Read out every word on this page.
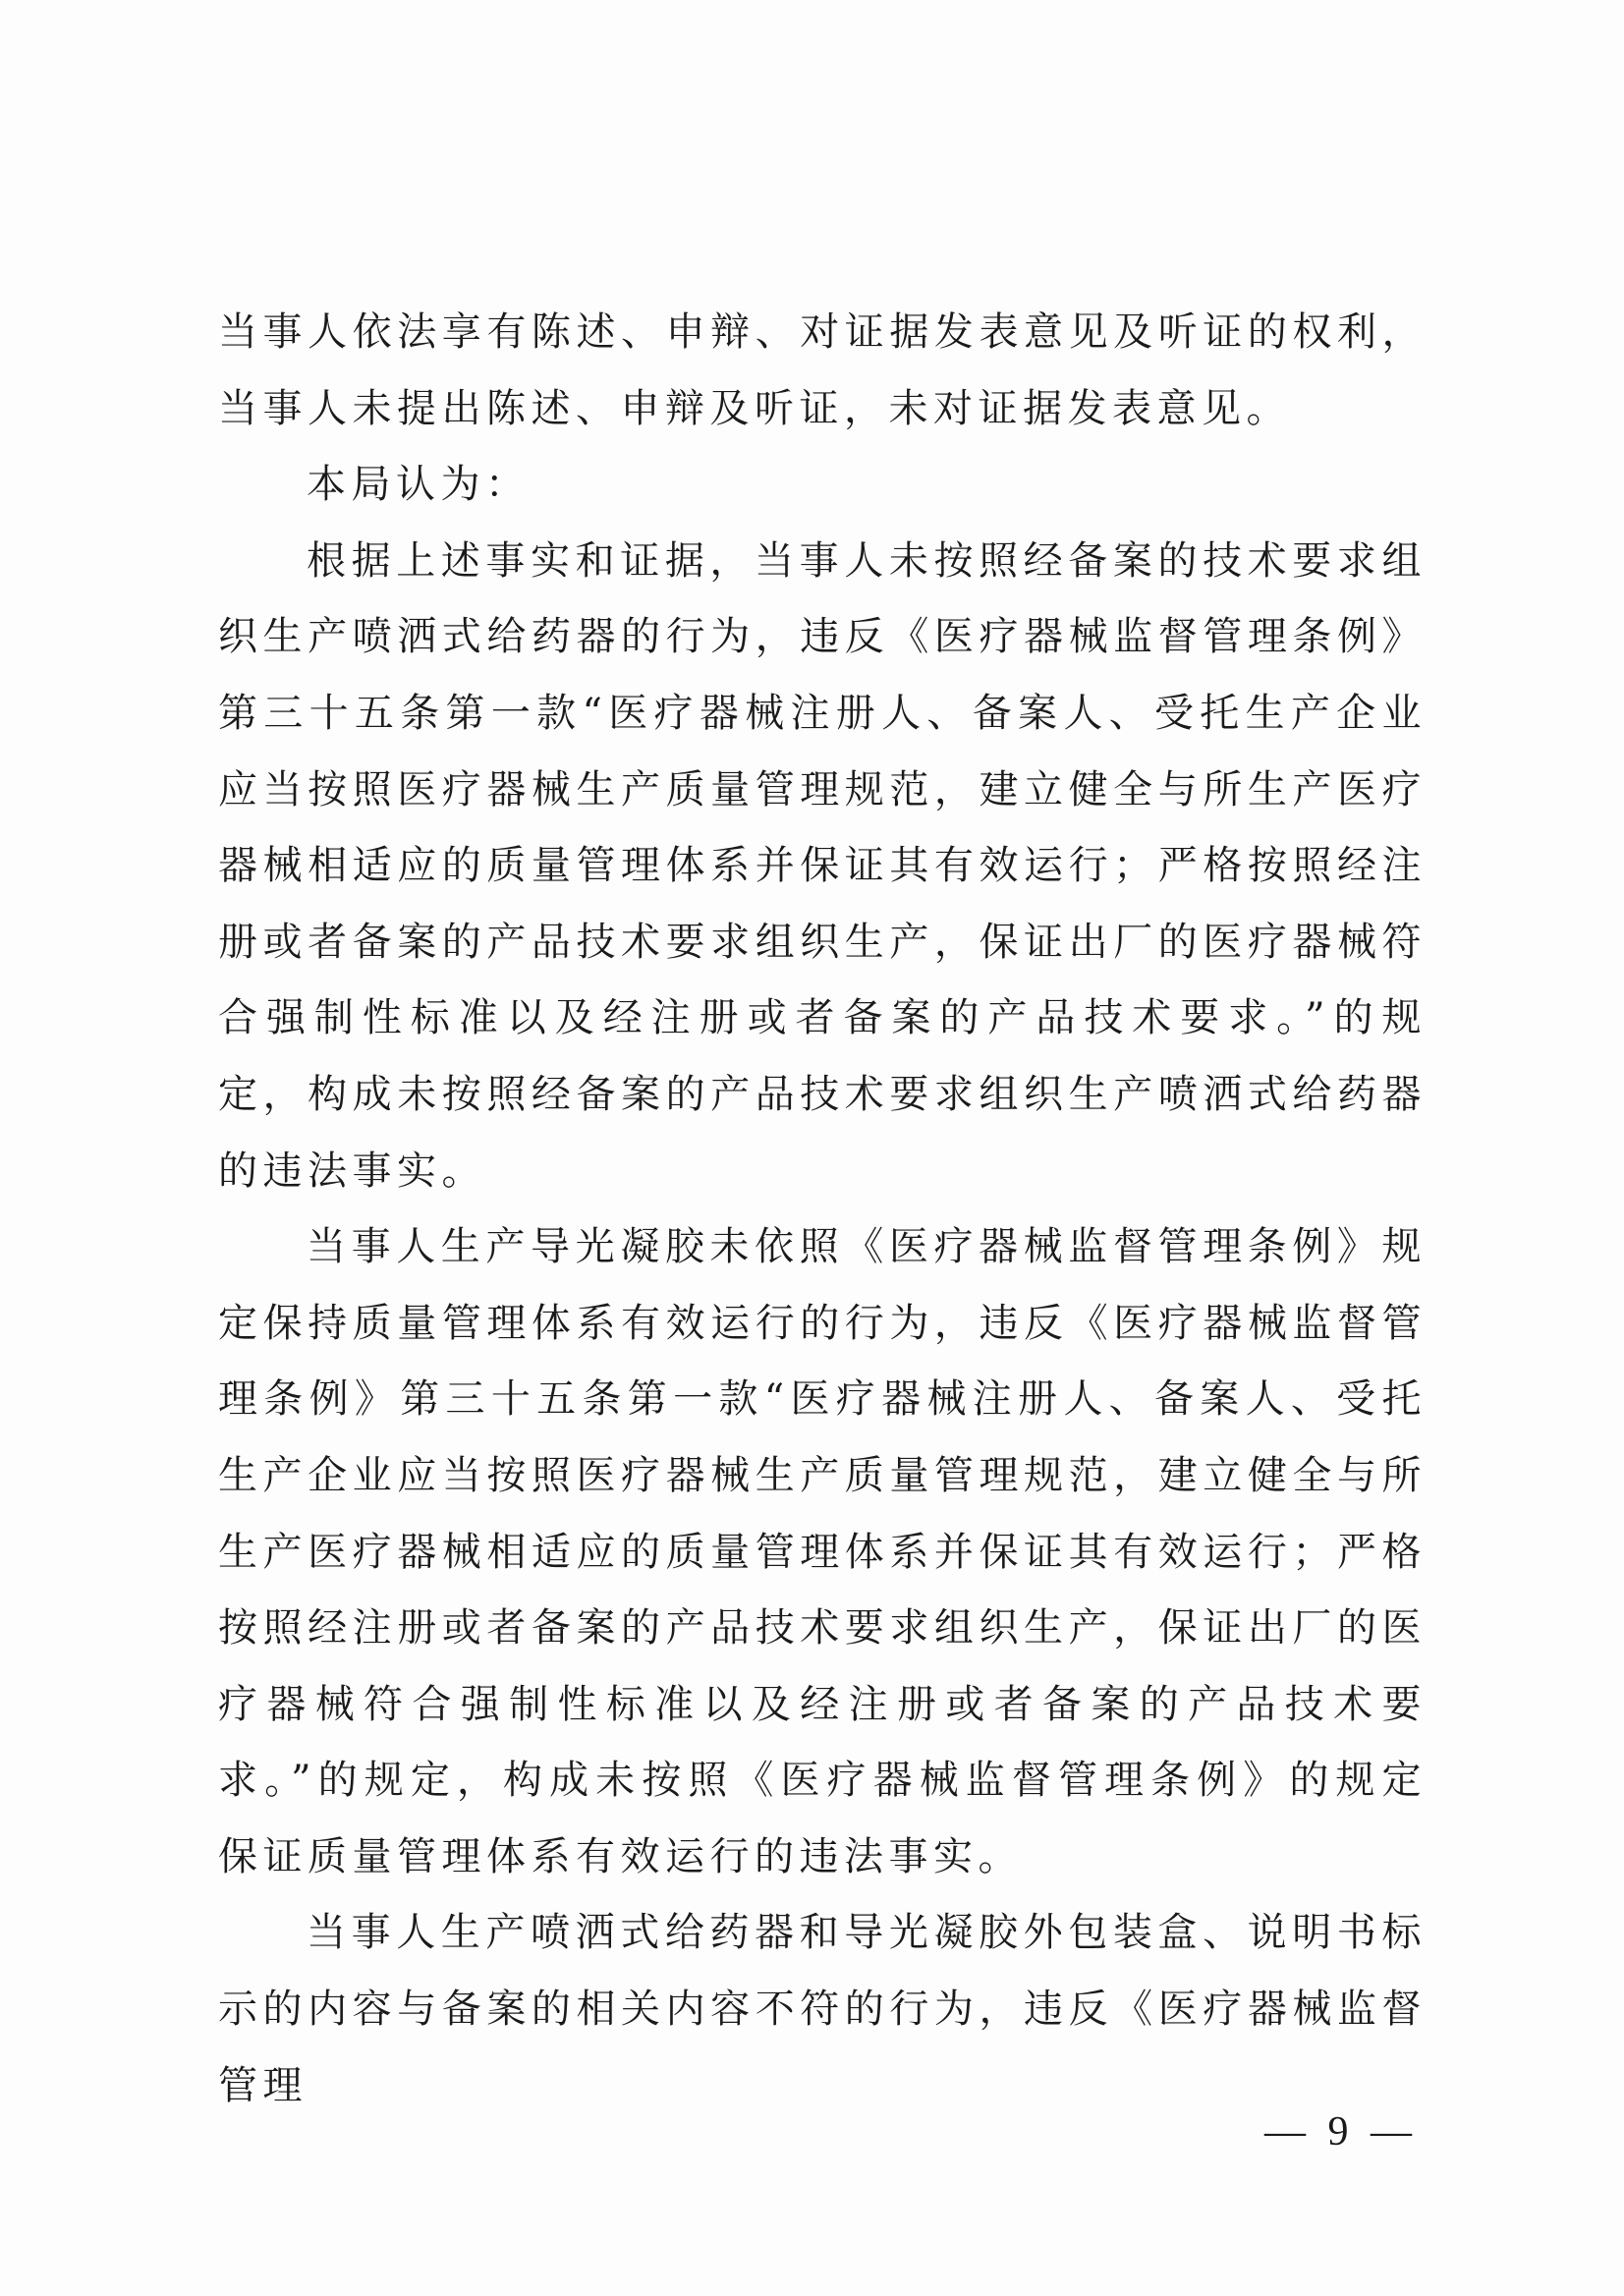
当事人依法享有陈述、申辩、对证据发表意见及听证的权利，当事人未提出陈述、申辩及听证，未对证据发表意见。

本局认为：

根据上述事实和证据，当事人未按照经备案的技术要求组织生产喷洒式给药器的行为，违反《医疗器械监督管理条例》第三十五条第一款“医疗器械注册人、备案人、受托生产企业应当按照医疗器械生产质量管理规范，建立健全与所生产医疗器械相适应的质量管理体系并保证其有效运行；严格按照经注册或者备案的产品技术要求组织生产，保证出厂的医疗器械符合强制性标准以及经注册或者备案的产品技术要求。”的规定，构成未按照经备案的产品技术要求组织生产喷洒式给药器的违法事实。

当事人生产导光凝胶未依照《医疗器械监督管理条例》规定保持质量管理体系有效运行的行为，违反《医疗器械监督管理条例》第三十五条第一款“医疗器械注册人、备案人、受托生产企业应当按照医疗器械生产质量管理规范，建立健全与所生产医疗器械相适应的质量管理体系并保证其有效运行；严格按照经注册或者备案的产品技术要求组织生产，保证出厂的医疗器械符合强制性标准以及经注册或者备案的产品技术要求。”的规定，构成未按照《医疗器械监督管理条例》的规定保证质量管理体系有效运行的违法事实。

当事人生产喷洒式给药器和导光凝胶外包装盒、说明书标示的内容与备案的相关内容不符的行为，违反《医疗器械监督管理

— 9 —
